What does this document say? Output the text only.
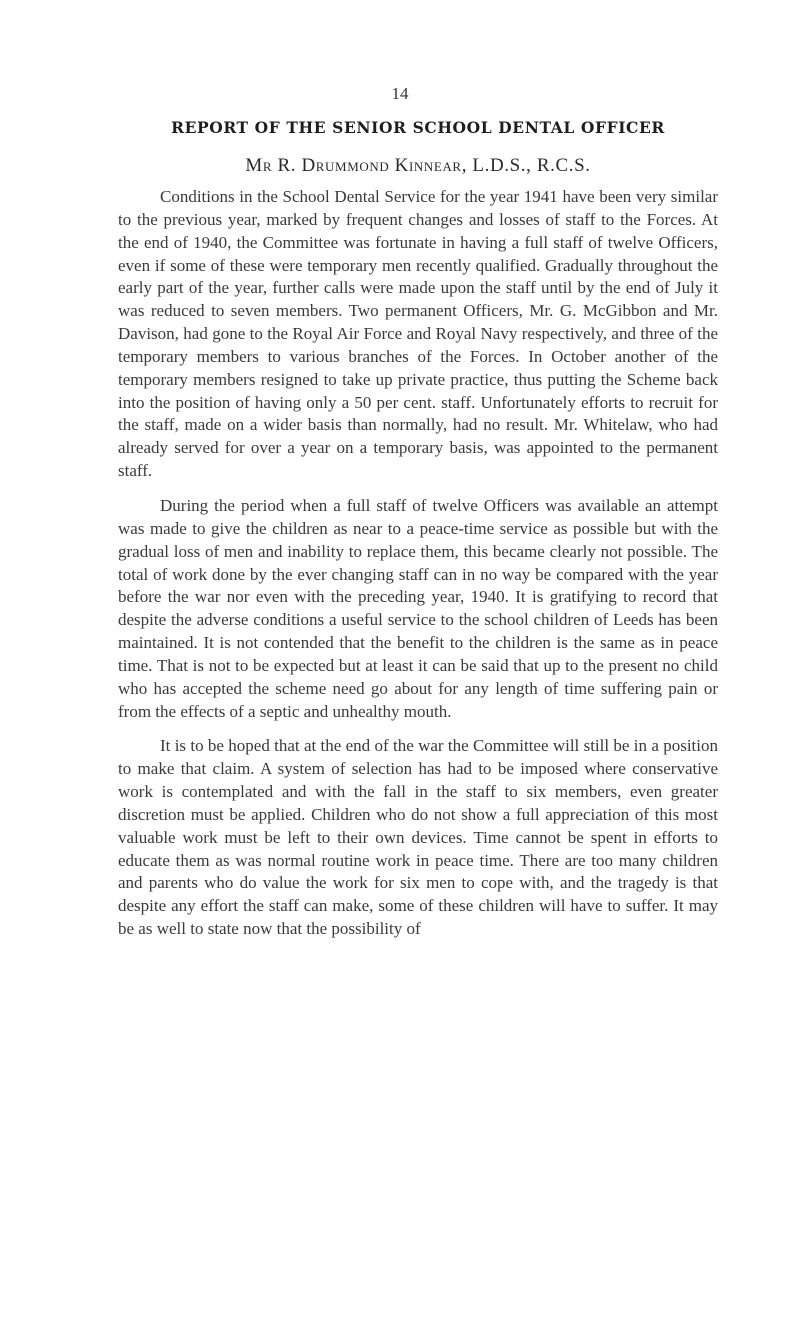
14
REPORT OF THE SENIOR SCHOOL DENTAL OFFICER
Mr R. Drummond Kinnear, L.D.S., R.C.S.

Conditions in the School Dental Service for the year 1941 have been very similar to the previous year, marked by frequent changes and losses of staff to the Forces. At the end of 1940, the Committee was fortunate in having a full staff of twelve Officers, even if some of these were temporary men recently qualified. Gradually throughout the early part of the year, further calls were made upon the staff until by the end of July it was reduced to seven members. Two permanent Officers, Mr. G. McGibbon and Mr. Davison, had gone to the Royal Air Force and Royal Navy respectively, and three of the temporary members to various branches of the Forces. In October another of the temporary members resigned to take up private practice, thus putting the Scheme back into the position of having only a 50 per cent. staff. Unfortunately efforts to recruit for the staff, made on a wider basis than normally, had no result. Mr. Whitelaw, who had already served for over a year on a temporary basis, was appointed to the permanent staff.

During the period when a full staff of twelve Officers was available an attempt was made to give the children as near to a peace-time service as possible but with the gradual loss of men and inability to replace them, this became clearly not possible. The total of work done by the ever changing staff can in no way be compared with the year before the war nor even with the preceding year, 1940. It is gratifying to record that despite the adverse conditions a useful service to the school children of Leeds has been maintained. It is not contended that the benefit to the children is the same as in peace time. That is not to be expected but at least it can be said that up to the present no child who has accepted the scheme need go about for any length of time suffering pain or from the effects of a septic and unhealthy mouth.

It is to be hoped that at the end of the war the Committee will still be in a position to make that claim. A system of selection has had to be imposed where conservative work is contemplated and with the fall in the staff to six members, even greater discretion must be applied. Children who do not show a full appreciation of this most valuable work must be left to their own devices. Time cannot be spent in efforts to educate them as was normal routine work in peace time. There are too many children and parents who do value the work for six men to cope with, and the tragedy is that despite any effort the staff can make, some of these children will have to suffer. It may be as well to state now that the possibility of
